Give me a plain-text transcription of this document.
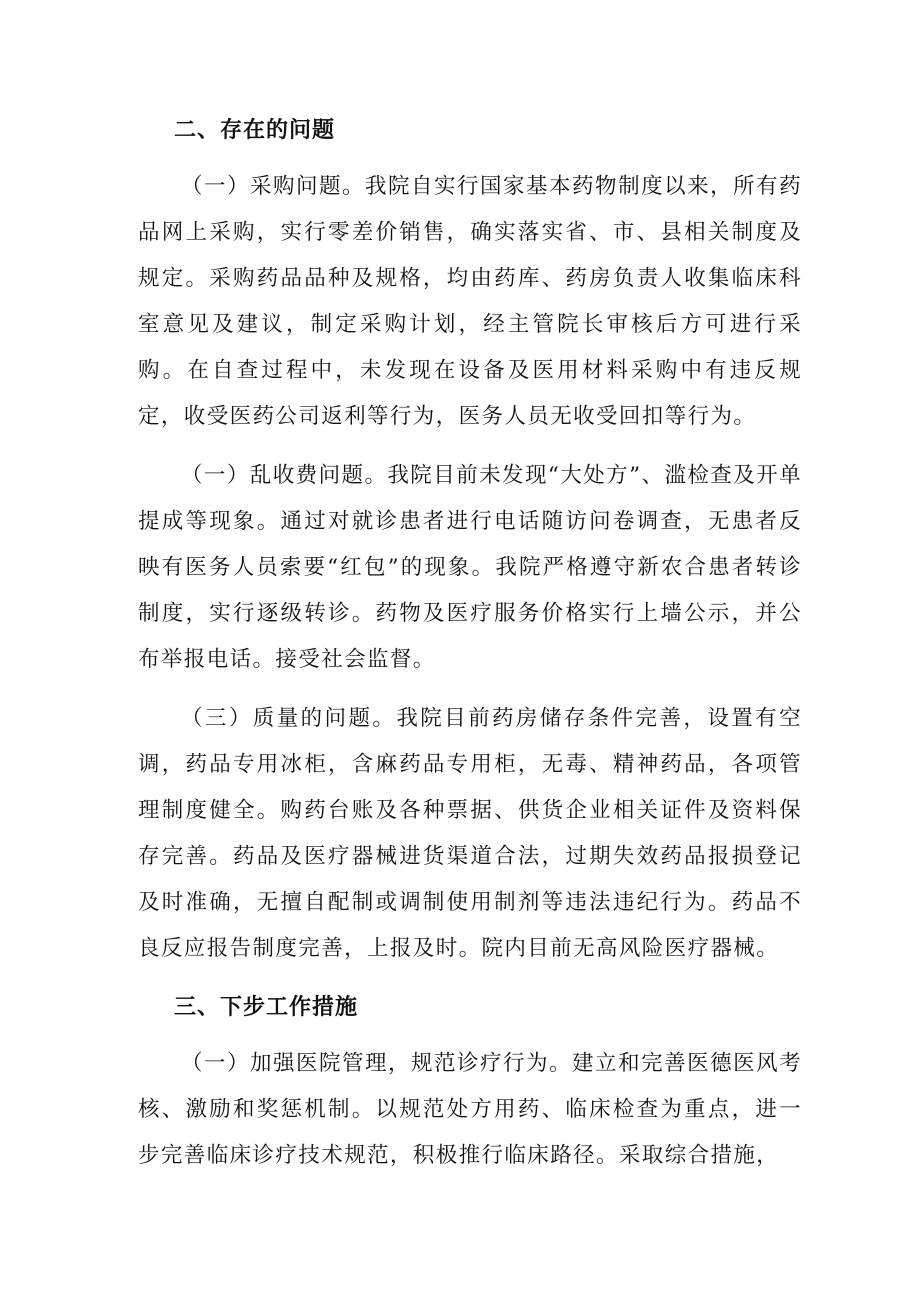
二、存在的问题

（一）采购问题。我院自实行国家基本药物制度以来，所有药品网上采购，实行零差价销售，确实落实省、市、县相关制度及规定。采购药品品种及规格，均由药库、药房负责人收集临床科室意见及建议，制定采购计划，经主管院长审核后方可进行采购。在自查过程中，未发现在设备及医用材料采购中有违反规定，收受医药公司返利等行为，医务人员无收受回扣等行为。

（一）乱收费问题。我院目前未发现“大处方”、滥检查及开单提成等现象。通过对就诊患者进行电话随访问卷调查，无患者反映有医务人员索要“红包”的现象。我院严格遵守新农合患者转诊制度，实行逐级转诊。药物及医疗服务价格实行上墙公示，并公布举报电话。接受社会监督。

（三）质量的问题。我院目前药房储存条件完善，设置有空调，药品专用冰柜，含麻药品专用柜，无毒、精神药品，各项管理制度健全。购药台账及各种票据、供货企业相关证件及资料保存完善。药品及医疗器械进货渠道合法，过期失效药品报损登记及时准确，无擅自配制或调制使用制剂等违法违纪行为。药品不良反应报告制度完善，上报及时。院内目前无高风险医疗器械。

三、下步工作措施

（一）加强医院管理，规范诊疗行为。建立和完善医德医风考核、激励和奖惩机制。以规范处方用药、临床检查为重点，进一步完善临床诊疗技术规范，积极推行临床路径。采取综合措施，
